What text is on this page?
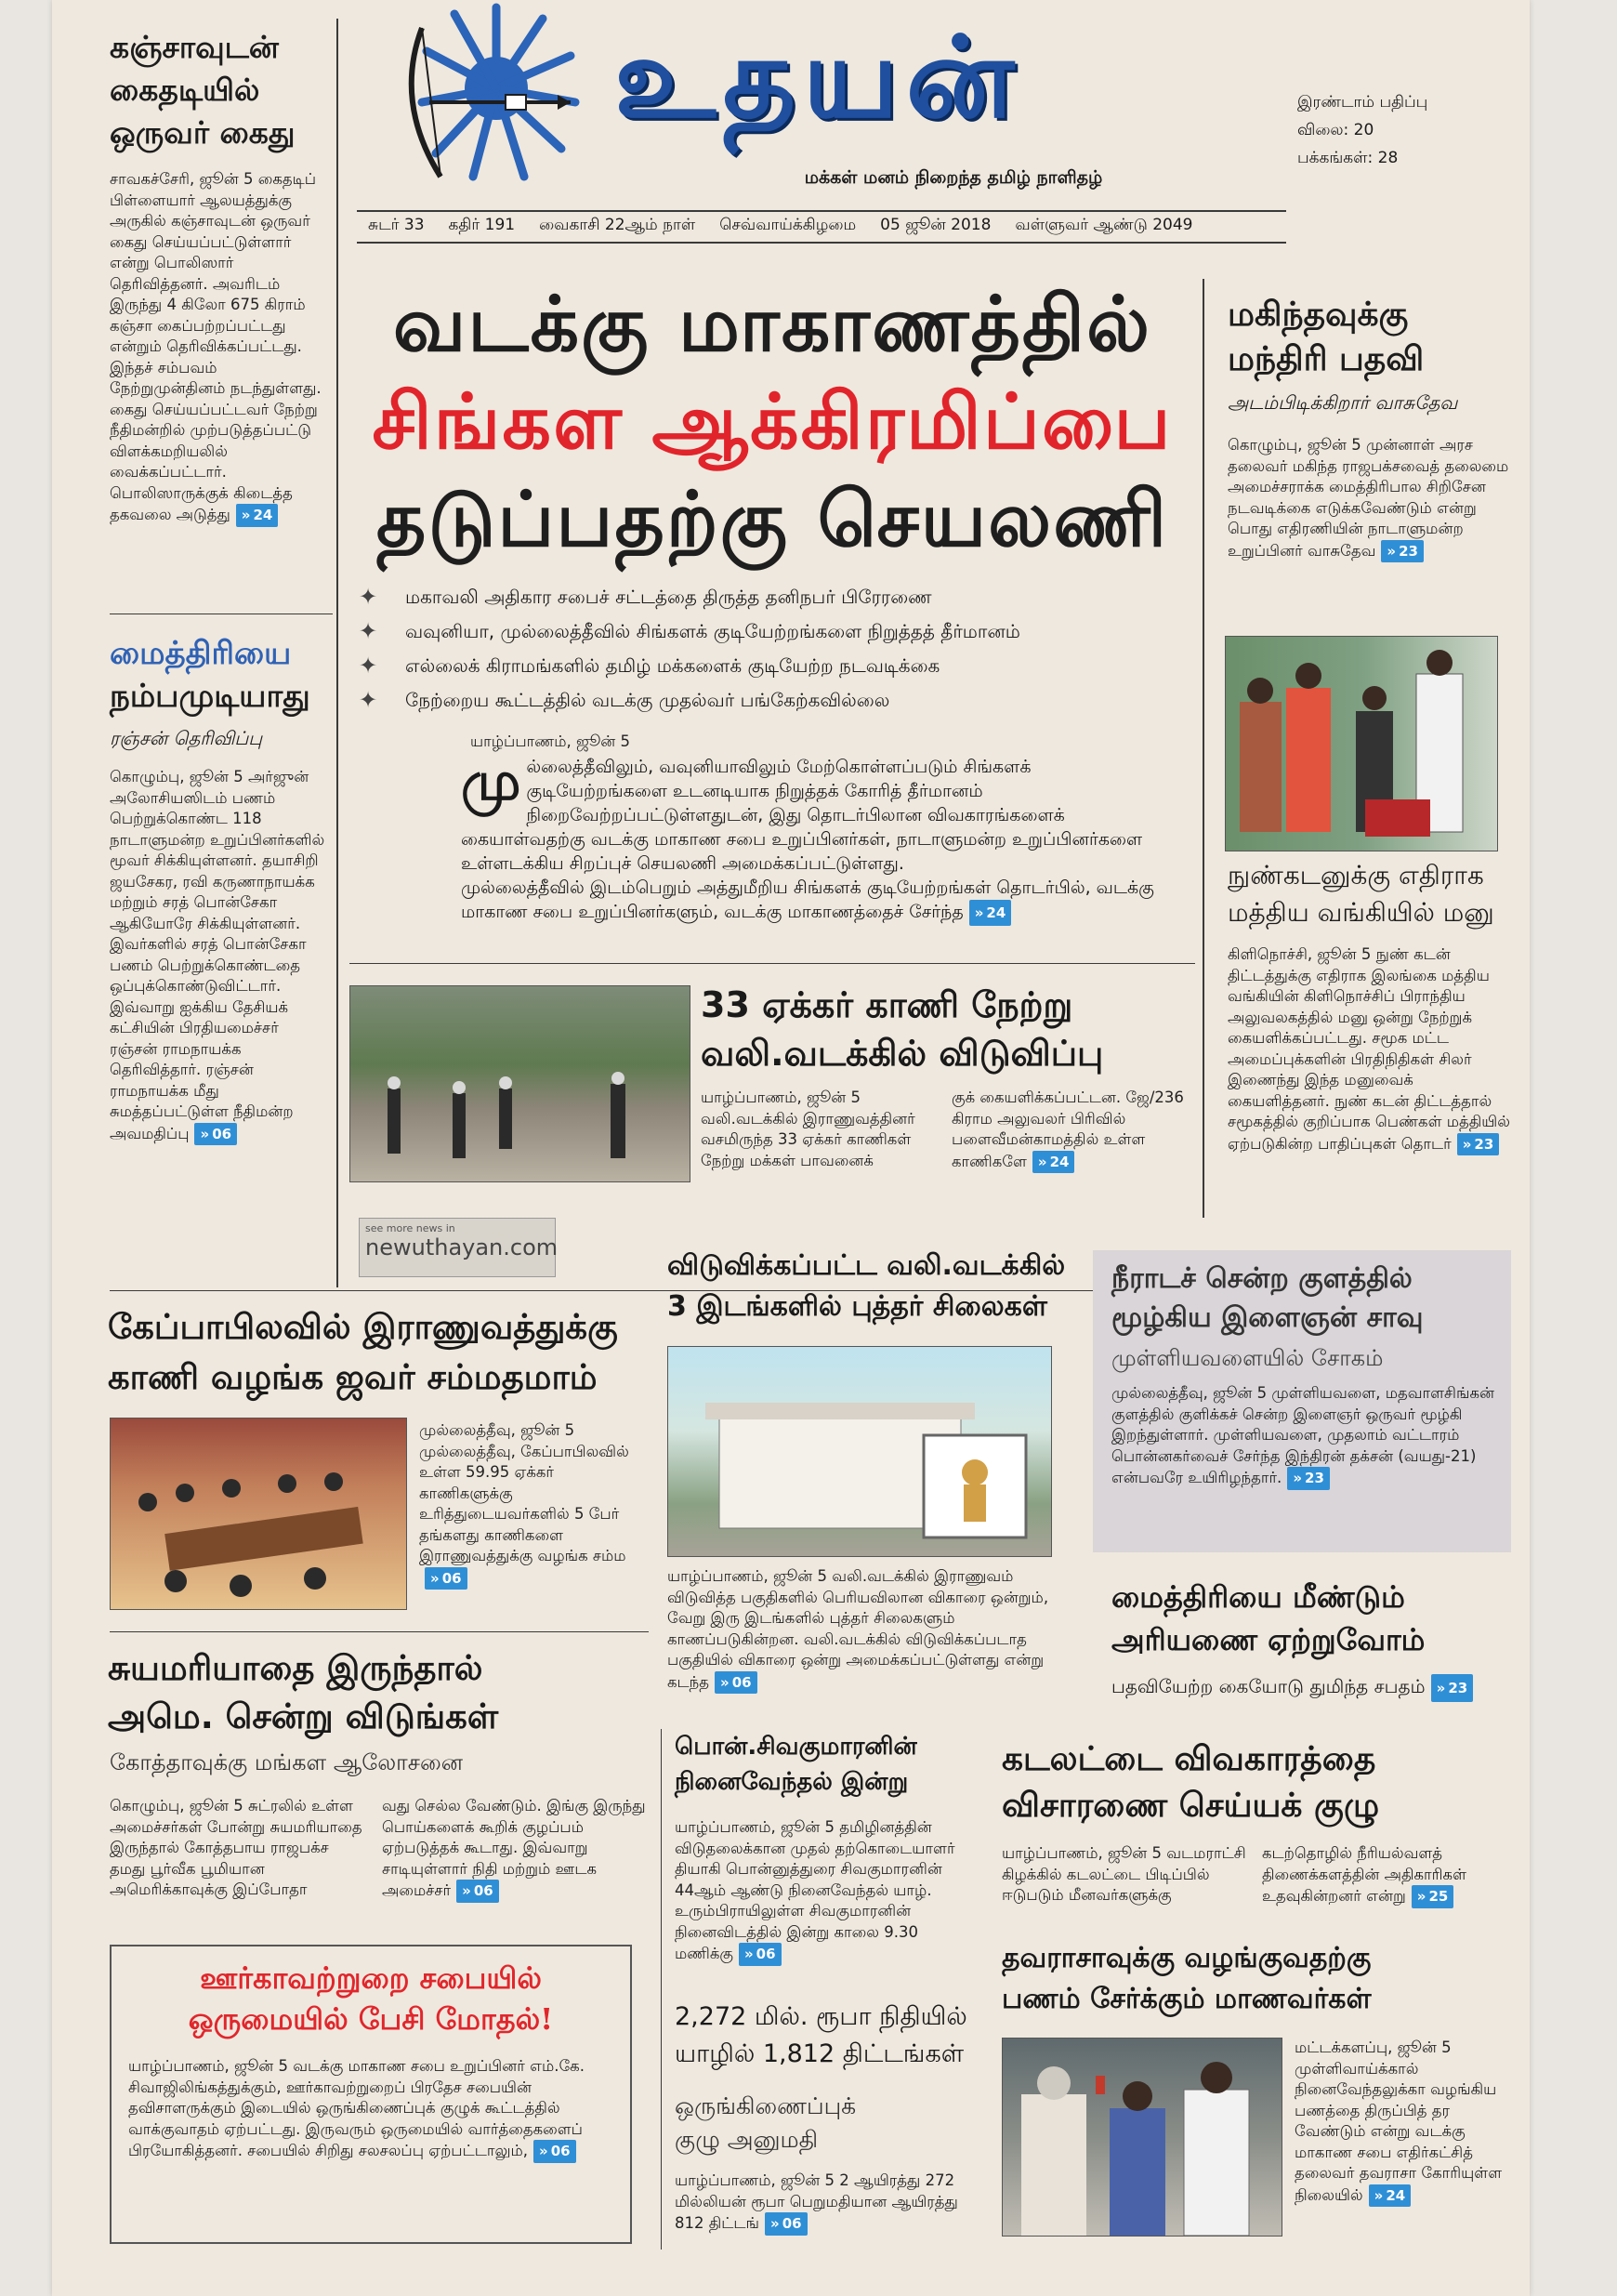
உதயன்
மக்கள் மனம் நிறைந்த தமிழ் நாளிதழ்
இரண்டாம் பதிப்பு
விலை: 20
பக்கங்கள்: 28
சுடர் 33 கதிர் 191 வைகாசி 22ஆம் நாள் செவ்வாய்க்கிழமை 05 ஜூன் 2018 வள்ளுவர் ஆண்டு 2049
கஞ்சாவுடன்
கைதடியில்
ஒருவர் கைது
சாவகச்சேரி, ஜூன் 5 கைதடிப் பிள்ளையார் ஆலயத்துக்கு அருகில் கஞ்சாவுடன் ஒருவர் கைது செய்யப்பட்டுள்ளார் என்று பொலிஸார் தெரிவித்தனர். அவரிடம் இருந்து 4 கிலோ 675 கிராம் கஞ்சா கைப்பற்றப்பட்டது என்றும் தெரிவிக்கப்பட்டது. இந்தச் சம்பவம் நேற்றுமுன்தினம் நடந்துள்ளது. கைது செய்யப்பட்டவர் நேற்று நீதிமன்றில் முற்படுத்தப்பட்டு விளக்கமறியலில் வைக்கப்பட்டார். பொலிஸாருக்குக் கிடைத்த தகவலை அடுத்து » 24
மைத்திரியை
நம்பமுடியாது
ரஞ்சன் தெரிவிப்பு
கொழும்பு, ஜூன் 5 அர்ஜுன் அலோசியஸிடம் பணம் பெற்றுக்கொண்ட 118 நாடாளுமன்ற உறுப்பினர்களில் மூவர் சிக்கியுள்ளனர். தயாசிறி ஜயசேகர, ரவி கருணாநாயக்க மற்றும் சரத் பொன்சேகா ஆகியோரே சிக்கியுள்ளனர். இவர்களில் சரத் பொன்சேகா பணம் பெற்றுக்கொண்டதை ஒப்புக்கொண்டுவிட்டார். இவ்வாறு ஐக்கிய தேசியக் கட்சியின் பிரதியமைச்சர் ரஞ்சன் ராமநாயக்க தெரிவித்தார். ரஞ்சன் ராமநாயக்க மீது சுமத்தப்பட்டுள்ள நீதிமன்ற அவமதிப்பு » 06
வடக்கு மாகாணத்தில்
சிங்கள ஆக்கிரமிப்பை
தடுப்பதற்கு செயலணி
✦ மகாவலி அதிகார சபைச் சட்டத்தை திருத்த தனிநபர் பிரேரணை
✦ வவுனியா, முல்லைத்தீவில் சிங்களக் குடியேற்றங்களை நிறுத்தத் தீர்மானம்
✦ எல்லைக் கிராமங்களில் தமிழ் மக்களைக் குடியேற்ற நடவடிக்கை
✦ நேற்றைய கூட்டத்தில் வடக்கு முதல்வர் பங்கேற்கவில்லை
யாழ்ப்பாணம், ஜூன் 5
மு ல்லைத்தீவிலும், வவுனியாவிலும் மேற்கொள்ளப்படும் சிங்களக் குடியேற்றங்களை உடனடியாக நிறுத்தக் கோரித் தீர்மானம் நிறைவேற்றப்பட்டுள்ளதுடன், இது தொடர்பிலான விவகாரங்களைக் கையாள்வதற்கு வடக்கு மாகாண சபை உறுப்பினர்கள், நாடாளுமன்ற உறுப்பினர்களை உள்ளடக்கிய சிறப்புச் செயலணி அமைக்கப்பட்டுள்ளது.
முல்லைத்தீவில் இடம்பெறும் அத்துமீறிய சிங்களக் குடியேற்றங்கள் தொடர்பில், வடக்கு மாகாண சபை உறுப்பினர்களும், வடக்கு மாகாணத்தைச் சேர்ந்த » 24
33 ஏக்கர் காணி நேற்று
வலி.வடக்கில் விடுவிப்பு
யாழ்ப்பாணம், ஜூன் 5 வலி.வடக்கில் இராணுவத்தினர் வசமிருந்த 33 ஏக்கர் காணிகள் நேற்று மக்கள் பாவனைக்
குக் கையளிக்கப்பட்டன. ஜே/236 கிராம அலுவலர் பிரிவில் பளைவீமன்காமத்தில் உள்ள காணிகளே » 24
see more news in
newuthayan.com
மகிந்தவுக்கு
மந்திரி பதவி
அடம்பிடிக்கிறார் வாசுதேவ
கொழும்பு, ஜூன் 5 முன்னாள் அரச தலைவர் மகிந்த ராஜபக்சவைத் தலைமை அமைச்சராக்க மைத்திரிபால சிறிசேன நடவடிக்கை எடுக்கவேண்டும் என்று பொது எதிரணியின் நாடாளுமன்ற உறுப்பினர் வாசுதேவ » 23
நுண்கடனுக்கு எதிராக
மத்திய வங்கியில் மனு
கிளிநொச்சி, ஜூன் 5 நுண் கடன் திட்டத்துக்கு எதிராக இலங்கை மத்திய வங்கியின் கிளிநொச்சிப் பிராந்திய அலுவலகத்தில் மனு ஒன்று நேற்றுக் கையளிக்கப்பட்டது. சமூக மட்ட அமைப்புக்களின் பிரதிநிதிகள் சிலர் இணைந்து இந்த மனுவைக் கையளித்தனர். நுண் கடன் திட்டத்தால் சமூகத்தில் குறிப்பாக பெண்கள் மத்தியில் ஏற்படுகின்ற பாதிப்புகள் தொடர் » 23
கேப்பாபிலவில் இராணுவத்துக்கு
காணி வழங்க ஜவர் சம்மதமாம்
முல்லைத்தீவு, ஜூன் 5 முல்லைத்தீவு, கேப்பாபிலவில் உள்ள 59.95 ஏக்கர் காணிகளுக்கு உரித்துடையவர்களில் 5 பேர் தங்களது காணிகளை இராணுவத்துக்கு வழங்க சம்ம» 06
விடுவிக்கப்பட்ட வலி.வடக்கில்
3 இடங்களில் புத்தர் சிலைகள்
யாழ்ப்பாணம், ஜூன் 5 வலி.வடக்கில் இராணுவம் விடுவித்த பகுதிகளில் பெரியவிலான விகாரை ஒன்றும், வேறு இரு இடங்களில் புத்தர் சிலைகளும் காணப்படுகின்றன. வலி.வடக்கில் விடுவிக்கப்படாத பகுதியில் விகாரை ஒன்று அமைக்கப்பட்டுள்ளது என்று கடந்த » 06
நீராடச் சென்ற குளத்தில்
மூழ்கிய இளைஞன் சாவு
முள்ளியவளையில் சோகம்
முல்லைத்தீவு, ஜூன் 5 முள்ளியவளை, மதவாளசிங்கன் குளத்தில் குளிக்கச் சென்ற இளைஞர் ஒருவர் மூழ்கி இறந்துள்ளார். முள்ளியவளை, முதலாம் வட்டாரம் பொன்னகர்வைச் சேர்ந்த இந்திரன் தக்சன் (வயது-21) என்பவரே உயிரிழந்தார். » 23
மைத்திரியை மீண்டும்
அரியணை ஏற்றுவோம்
பதவியேற்ற கையோடு துமிந்த சபதம் » 23
சுயமரியாதை இருந்தால்
அமெ. சென்று விடுங்கள்
கோத்தாவுக்கு மங்கள ஆலோசனை
கொழும்பு, ஜூன் 5 சுட்ரலில் உள்ள அமைச்சர்கள் போன்று சுயமரியாதை இருந்தால் கோத்தபாய ராஜபக்ச தமது பூர்வீக பூமியான அமெரிக்காவுக்கு இப்போதா
வது செல்ல வேண்டும். இங்கு இருந்து பொய்களைக் கூறிக் குழப்பம் ஏற்படுத்தக் கூடாது. இவ்வாறு சாடியுள்ளார் நிதி மற்றும் ஊடக அமைச்சர் » 06
பொன்.சிவகுமாரனின்
நினைவேந்தல் இன்று
யாழ்ப்பாணம், ஜூன் 5 தமிழினத்தின் விடுதலைக்கான முதல் தற்கொடையாளர் தியாகி பொன்னுத்துரை சிவகுமாரனின் 44ஆம் ஆண்டு நினைவேந்தல் யாழ். உரும்பிராயிலுள்ள சிவகுமாரனின் நினைவிடத்தில் இன்று காலை 9.30 மணிக்கு » 06
கடலட்டை விவகாரத்தை
விசாரணை செய்யக் குழு
யாழ்ப்பாணம், ஜூன் 5 வடமராட்சி கிழக்கில் கடலட்டை பிடிப்பில் ஈடுபடும் மீனவர்களுக்கு
கடற்தொழில் நீரியல்வளத் திணைக்களத்தின் அதிகாரிகள் உதவுகின்றனர் என்று » 25
ஊர்காவற்றுறை சபையில்
ஒருமையில் பேசி மோதல்!
யாழ்ப்பாணம், ஜூன் 5 வடக்கு மாகாண சபை உறுப்பினர் எம்.கே. சிவாஜிலிங்கத்துக்கும், ஊர்காவற்றுறைப் பிரதேச சபையின் தவிசாளருக்கும் இடையில் ஒருங்கிணைப்புக் குழுக் கூட்டத்தில் வாக்குவாதம் ஏற்பட்டது. இருவரும் ஒருமையில் வார்த்தைகளைப் பிரயோகித்தனர். சபையில் சிறிது சலசலப்பு ஏற்பட்டாலும், » 06
2,272 மில். ரூபா நிதியில்
யாழில் 1,812 திட்டங்கள்
ஒருங்கிணைப்புக்
குழு அனுமதி
யாழ்ப்பாணம், ஜூன் 5 2 ஆயிரத்து 272 மில்லியன் ரூபா பெறுமதியான ஆயிரத்து 812 திட்டங் » 06
தவராசாவுக்கு வழங்குவதற்கு
பணம் சேர்க்கும் மாணவர்கள்
மட்டக்களப்பு, ஜூன் 5 முள்ளிவாய்க்கால் நினைவேந்தலுக்கா வழங்கிய பணத்தை திருப்பித் தர வேண்டும் என்று வடக்கு மாகாண சபை எதிர்கட்சித் தலைவர் தவராசா கோரியுள்ள நிலையில் » 24
